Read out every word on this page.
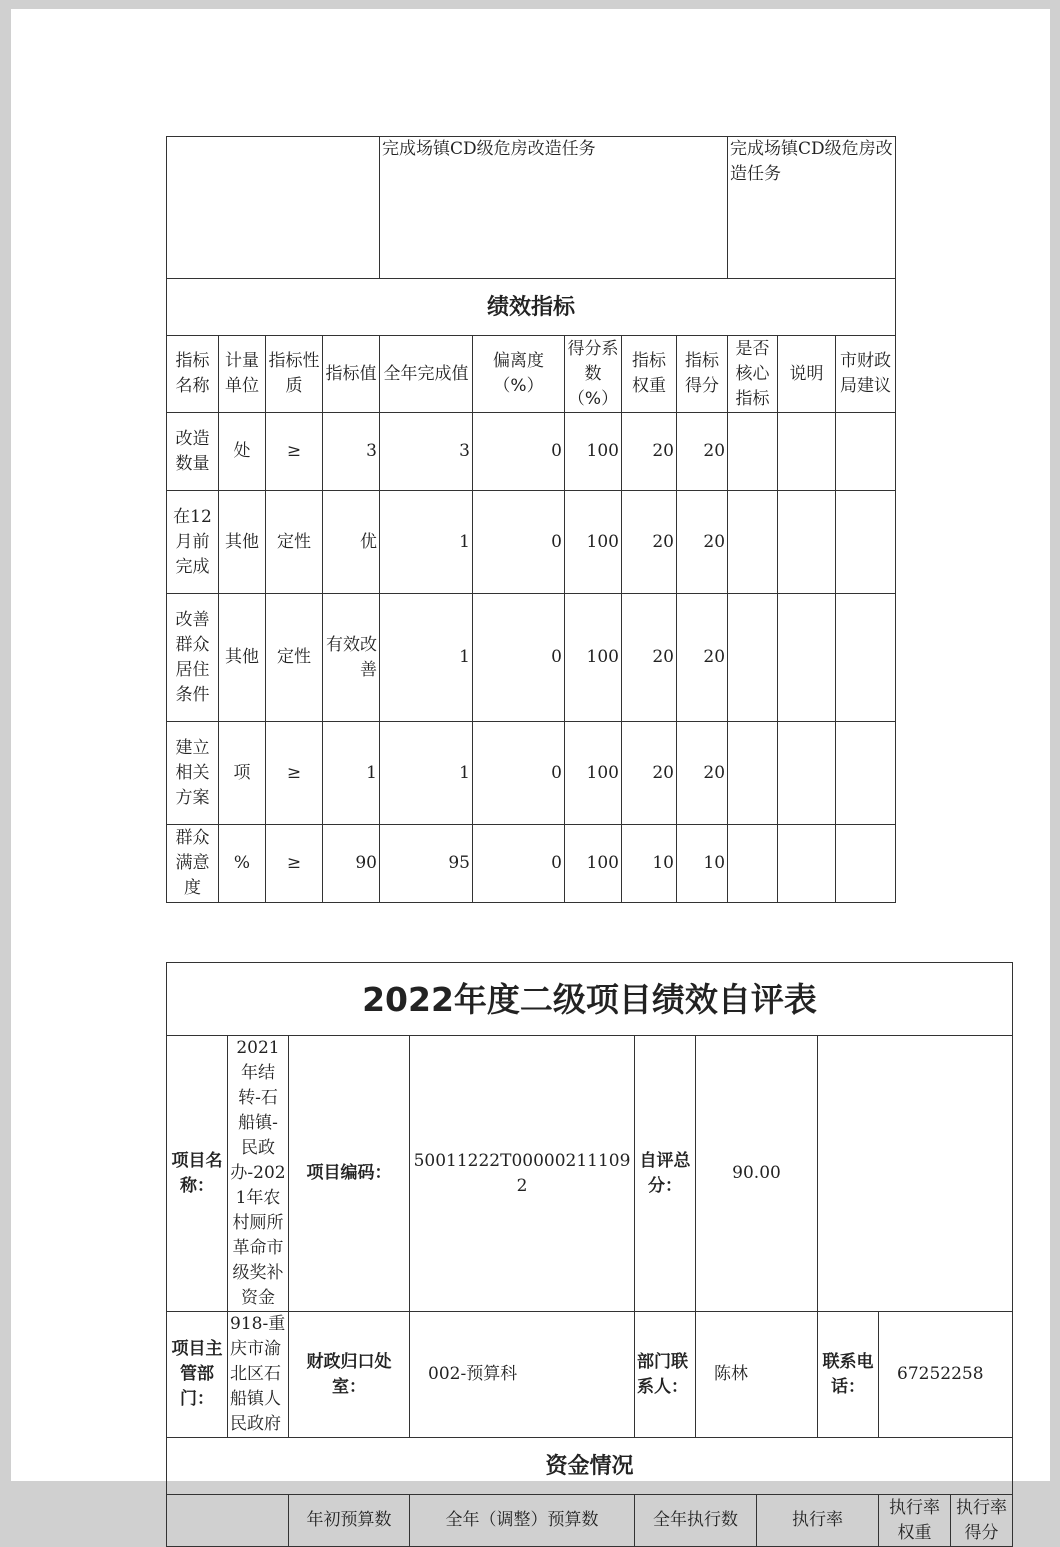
				完成场镇CD级危房改造任务					完成场镇CD级危房改造任务		
绩效指标											
指标名称	计量单位	指标性质	指标值	全年完成值	偏离度（%）	得分系数（%）	指标权重	指标得分	是否核心指标	说明	市财政局建议
改造数量	处	≥	3	3	0	100	20	20			
在12月前完成	其他	定性	优	1	0	100	20	20			
改善群众居住条件	其他	定性	有效改善	1	0	100	20	20			
建立相关方案	项	≥	1	1	0	100	20	20			
群众满意度	%	≥	90	95	0	100	10	10			
2022年度二级项目绩效自评表									
项目名称：	2021年结转-石船镇-民政办-2021年农村厕所革命市级奖补资金	项目编码：	50011222T000002111092	自评总分：	90.00				
项目主管部门：	918-重庆市渝北区石船镇人民政府	财政归口处室：	002-预算科	部门联系人：	陈林		联系电话：	67252258	
资金情况									
		年初预算数	全年（调整）预算数	全年执行数		执行率		执行率权重	执行率得分
